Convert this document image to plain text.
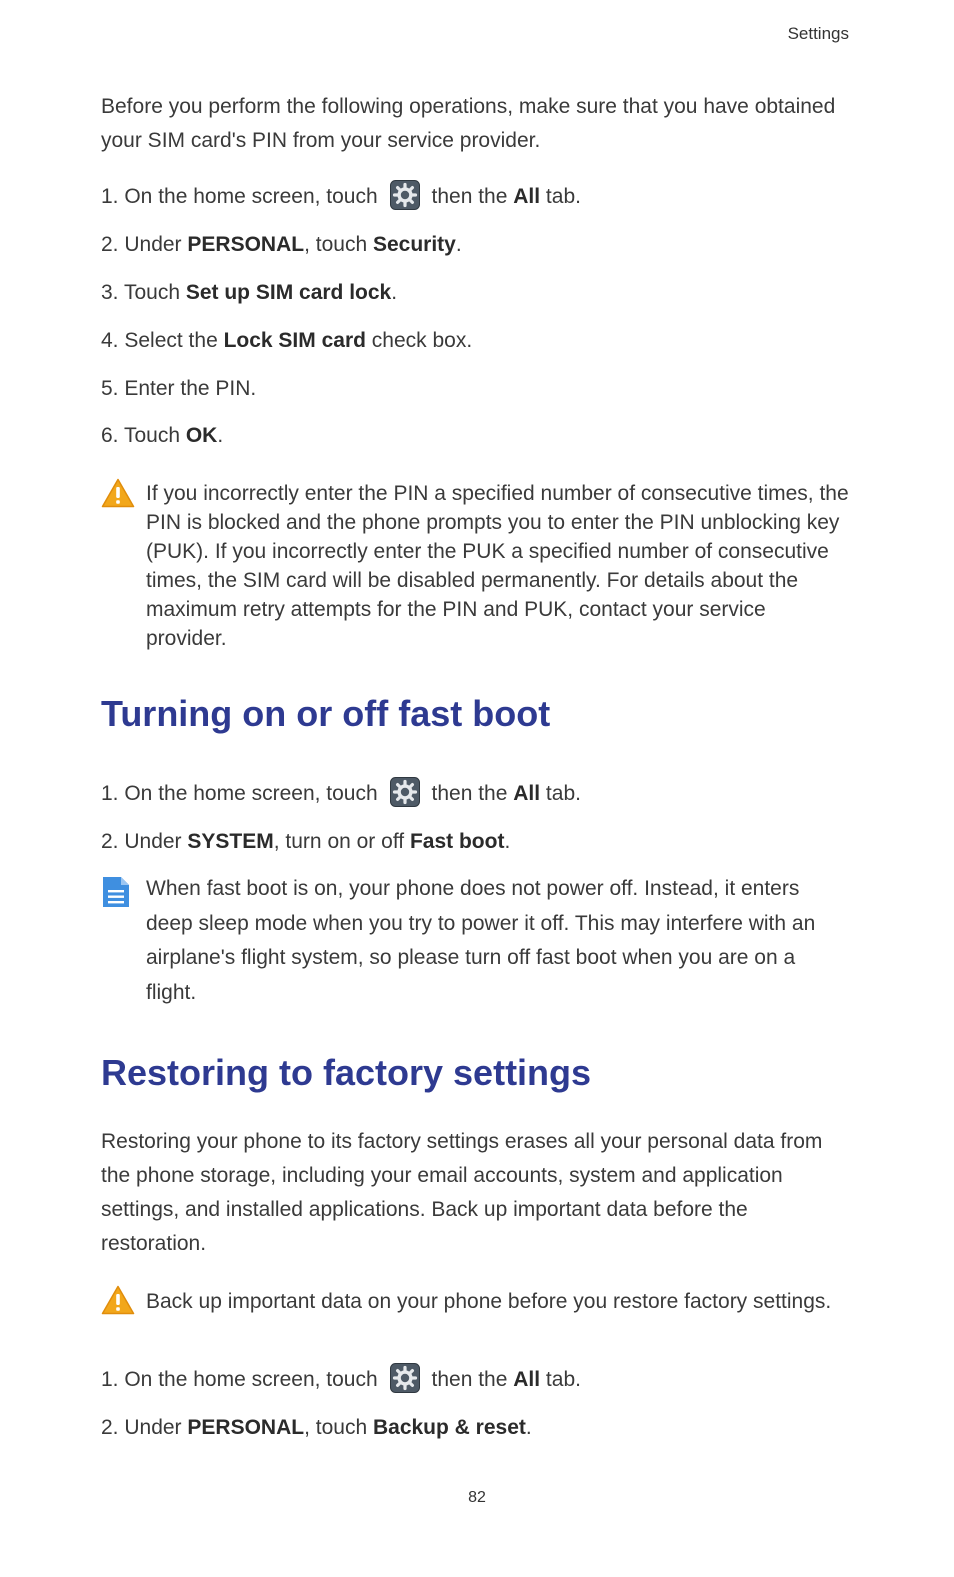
Settings

Before you perform the following operations, make sure that you have obtained your SIM card's PIN from your service provider.

1. On the home screen, touch then the All tab.
2. Under PERSONAL, touch Security.
3. Touch Set up SIM card lock.
4. Select the Lock SIM card check box.
5. Enter the PIN.
6. Touch OK.
If you incorrectly enter the PIN a specified number of consecutive times, the PIN is blocked and the phone prompts you to enter the PIN unblocking key (PUK). If you incorrectly enter the PUK a specified number of consecutive times, the SIM card will be disabled permanently. For details about the maximum retry attempts for the PIN and PUK, contact your service provider.
Turning on or off fast boot
1. On the home screen, touch then the All tab.
2. Under SYSTEM, turn on or off Fast boot.
When fast boot is on, your phone does not power off. Instead, it enters deep sleep mode when you try to power it off. This may interfere with an airplane's flight system, so please turn off fast boot when you are on a flight.
Restoring to factory settings

Restoring your phone to its factory settings erases all your personal data from the phone storage, including your email accounts, system and application settings, and installed applications. Back up important data before the restoration.

Back up important data on your phone before you restore factory settings.
1. On the home screen, touch then the All tab.
2. Under PERSONAL, touch Backup & reset.
82
